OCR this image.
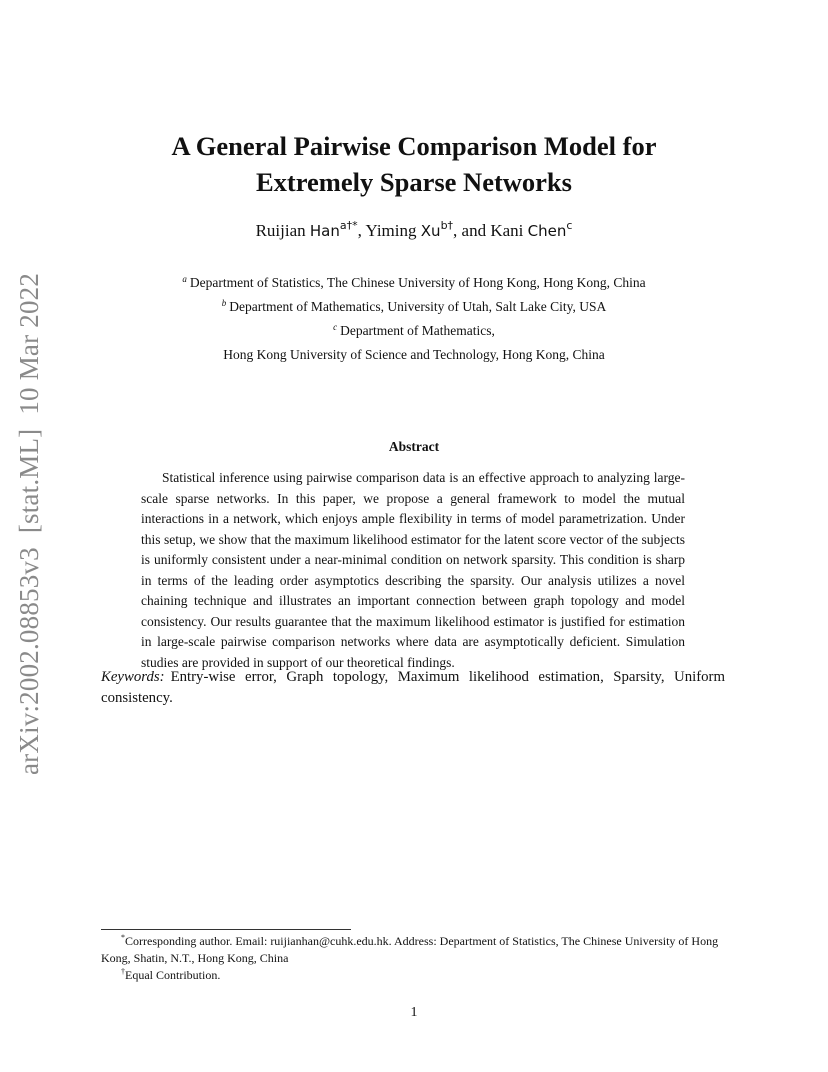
arXiv:2002.08853v3[stat.ML]10 Mar 2022
A General Pairwise Comparison Model for
Extremely Sparse Networks
Ruijian Han$^{a\dagger*}$, Yiming $Xu^{b\dagger}$, and Kani Chen$^c$
$^a$ Department of Statistics, The Chinese University of Hong Kong, Hong Kong, China
$^b$ Department of Mathematics, University of Utah, Salt Lake City, USA
$^c$ Department of Mathematics,
Hong Kong University of Science and Technology, Hong Kong, China
Abstract

Statistical inference using pairwise comparison data is an effective approach to analyzing large-scale sparse networks. In this paper, we propose a general framework to model the mutual interactions in a network, which enjoys ample flexibility in terms of model parametrization. Under this setup, we show that the maximum likelihood estimator for the latent score vector of the subjects is uniformly consistent under a near-minimal condition on network sparsity. This condition is sharp in terms of the leading order asymptotics describing the sparsity. Our analysis utilizes a novel chaining technique and illustrates an important connection between graph topology and model consistency. Our results guarantee that the maximum likelihood estimator is justified for estimation in large-scale pairwise comparison networks where data are asymptotically deficient. Simulation studies are provided in support of our theoretical findings.

Keywords: Entry-wise error, Graph topology, Maximum likelihood estimation, Sparsity, Uniform consistency.

*Corresponding author. Email: ruijianhan@cuhk.edu.hk. Address: Department of Statistics, The Chinese University of Hong Kong, Shatin, N.T., Hong Kong, China

†Equal Contribution.

1
